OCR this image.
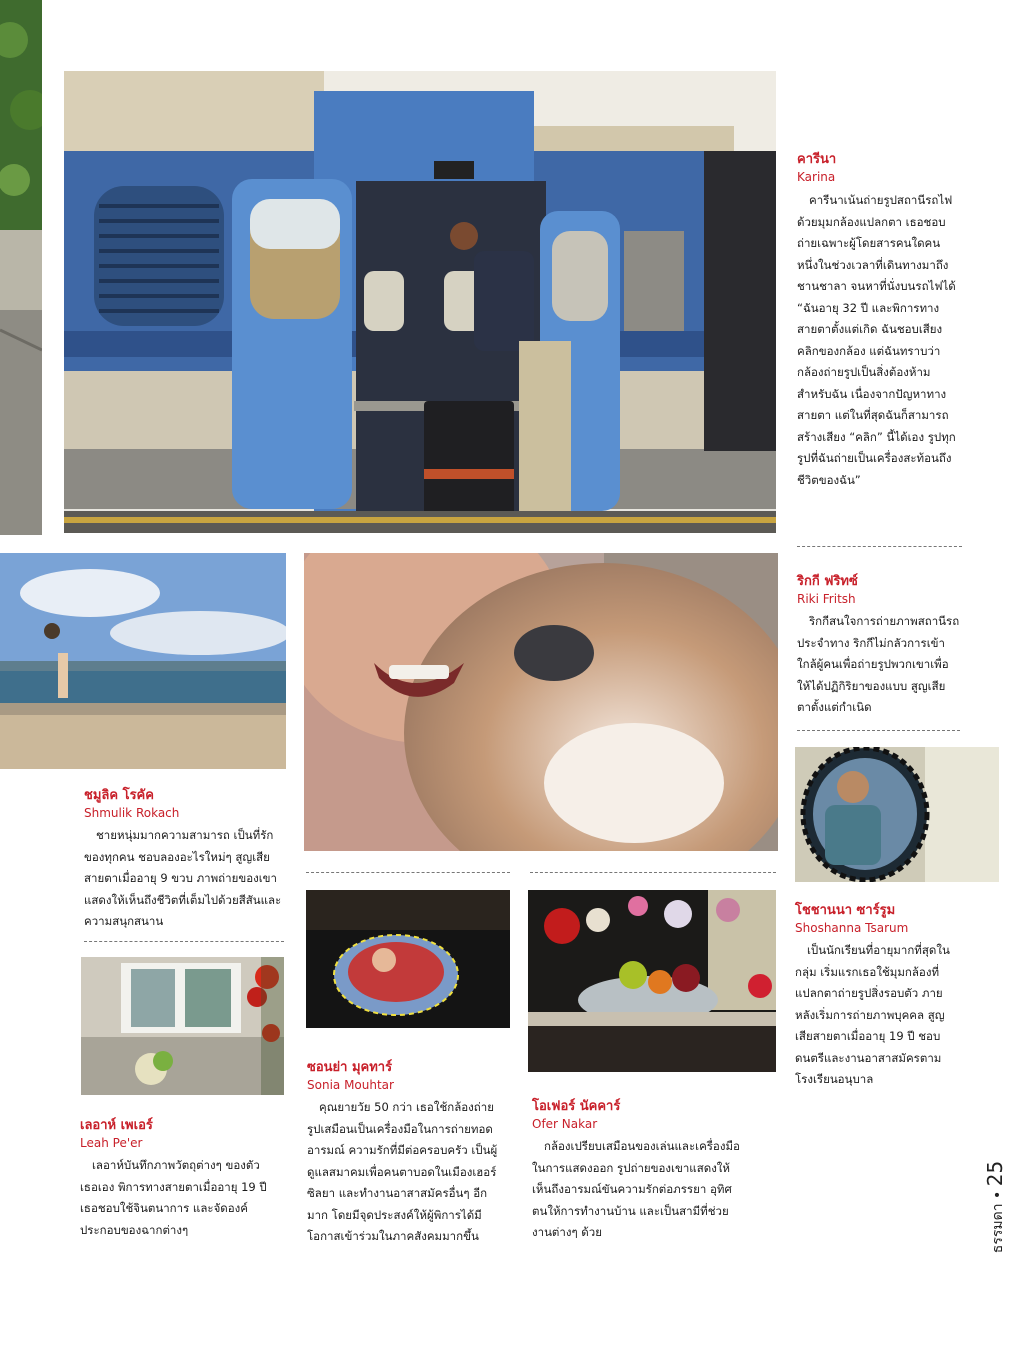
คารีนา
Karina

คารีนาเน้นถ่ายรูปสถานีรถไฟ ด้วยมุมกล้องแปลกตา เธอชอบถ่ายเฉพาะผู้โดยสารคนใดคนหนึ่งในช่วงเวลาที่เดินทางมาถึงชานชาลา จนหาที่นั่งบนรถไฟได้ “ฉันอายุ 32 ปี และพิการทางสายตาตั้งแต่เกิด ฉันชอบเสียงคลิกของกล้อง แต่ฉันทราบว่ากล้องถ่ายรูปเป็นสิ่งต้องห้ามสำหรับฉัน เนื่องจากปัญหาทางสายตา แต่ในที่สุดฉันก็สามารถสร้างเสียง “คลิก” นี้ได้เอง รูปทุกรูปที่ฉันถ่ายเป็นเครื่องสะท้อนถึงชีวิตของฉัน”

ริกกี ฟริทซ์
Riki Fritsh

ริกกีสนใจการถ่ายภาพสถานีรถประจำทาง ริกกีไม่กลัวการเข้าใกล้ผู้คนเพื่อถ่ายรูปพวกเขาเพื่อให้ได้ปฏิกิริยาของแบบ สูญเสียตาตั้งแต่กำเนิด

ชมูลิค โรคัค
Shmulik Rokach

ชายหนุ่มมากความสามารถ เป็นที่รักของทุกคน ชอบลองอะไรใหม่ๆ สูญเสียสายตาเมื่ออายุ 9 ขวบ ภาพถ่ายของเขาแสดงให้เห็นถึงชีวิตที่เต็มไปด้วยสีสันและความสนุกสนาน

โชชานนา ซาร์รูม
Shoshanna Tsarum

เป็นนักเรียนที่อายุมากที่สุดในกลุ่ม เริ่มแรกเธอใช้มุมกล้องที่แปลกตาถ่ายรูปสิ่งรอบตัว ภายหลังเริ่มการถ่ายภาพบุคคล สูญเสียสายตาเมื่ออายุ 19 ปี ชอบดนตรีและงานอาสาสมัครตามโรงเรียนอนุบาล

ซอนย่า มุคทาร์
Sonia Mouhtar

คุณยายวัย 50 กว่า เธอใช้กล้องถ่ายรูปเสมือนเป็นเครื่องมือในการถ่ายทอดอารมณ์ ความรักที่มีต่อครอบครัว เป็นผู้ดูแลสมาคมเพื่อคนตาบอดในเมืองเฮอร์ซิลยา และทำงานอาสาสมัครอื่นๆ อีกมาก โดยมีจุดประสงค์ให้ผู้พิการได้มีโอกาสเข้าร่วมในภาคสังคมมากขึ้น

โอเฟอร์ นัคคาร์
Ofer Nakar

กล้องเปรียบเสมือนของเล่นและเครื่องมือในการแสดงออก รูปถ่ายของเขาแสดงให้เห็นถึงอารมณ์ขันความรักต่อภรรยา อุทิศตนให้การทำงานบ้าน และเป็นสามีที่ช่วยงานต่างๆ ด้วย

เลอาห์ เพเอร์
Leah Pe'er

เลอาห์บันทึกภาพวัตถุต่างๆ ของตัวเธอเอง พิการทางสายตาเมื่ออายุ 19 ปี เธอชอบใช้จินตนาการ และจัดองค์ประกอบของฉากต่างๆ	ธรรมดา • 25
